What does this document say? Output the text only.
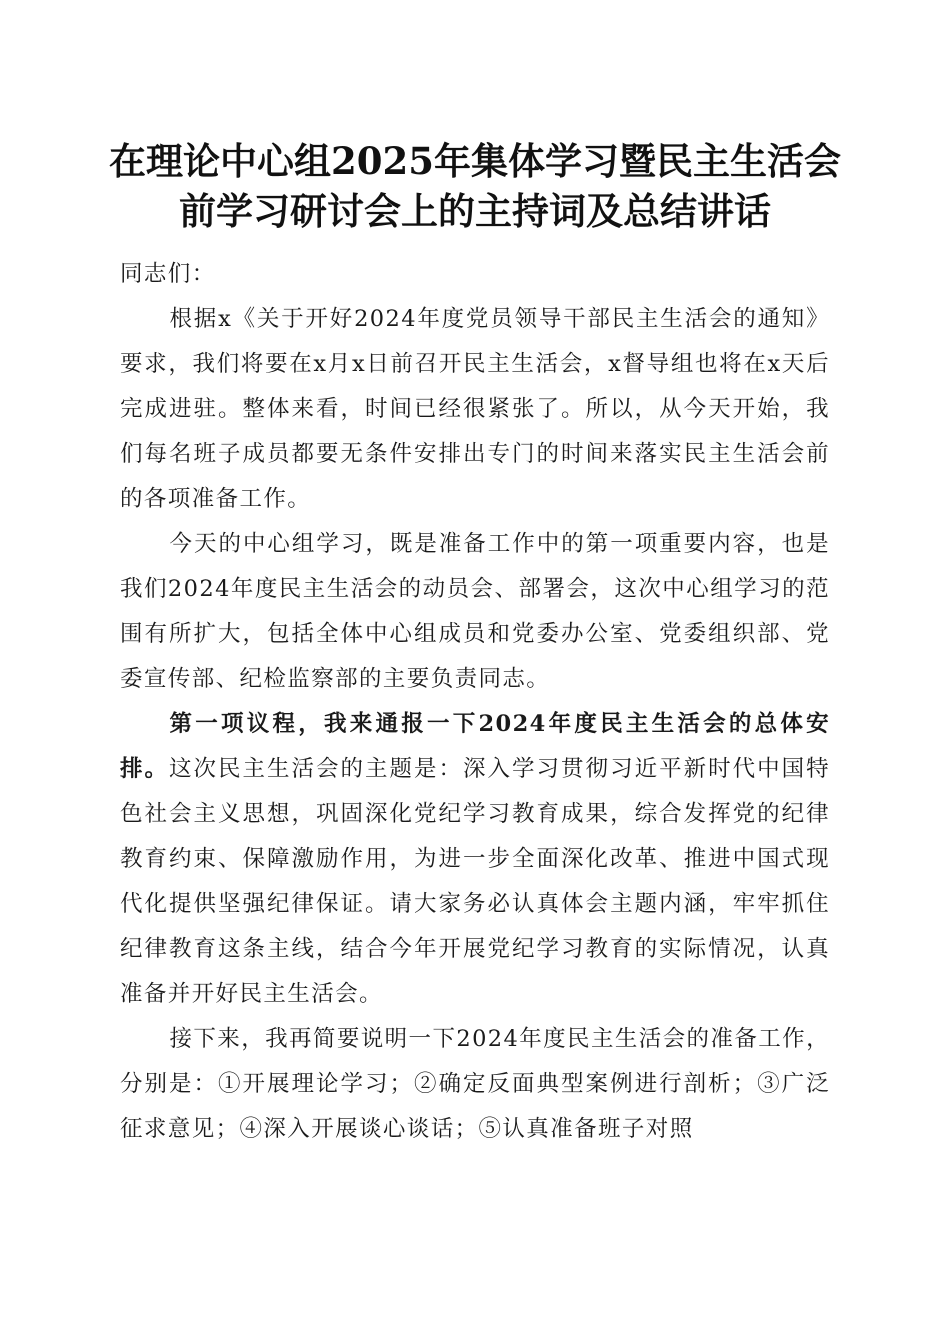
在理论中心组2025年集体学习暨民主生活会
前学习研讨会上的主持词及总结讲话

同志们：

根据x《关于开好2024年度党员领导干部民主生活会的通知》要求，我们将要在x月x日前召开民主生活会，x督导组也将在x天后完成进驻。整体来看，时间已经很紧张了。所以，从今天开始，我们每名班子成员都要无条件安排出专门的时间来落实民主生活会前的各项准备工作。

今天的中心组学习，既是准备工作中的第一项重要内容，也是我们2024年度民主生活会的动员会、部署会，这次中心组学习的范围有所扩大，包括全体中心组成员和党委办公室、党委组织部、党委宣传部、纪检监察部的主要负责同志。

第一项议程，我来通报一下2024年度民主生活会的总体安排。这次民主生活会的主题是：深入学习贯彻习近平新时代中国特色社会主义思想，巩固深化党纪学习教育成果，综合发挥党的纪律教育约束、保障激励作用，为进一步全面深化改革、推进中国式现代化提供坚强纪律保证。请大家务必认真体会主题内涵，牢牢抓住纪律教育这条主线，结合今年开展党纪学习教育的实际情况，认真准备并开好民主生活会。

接下来，我再简要说明一下2024年度民主生活会的准备工作，分别是：①开展理论学习；②确定反面典型案例进行剖析；③广泛征求意见；④深入开展谈心谈话；⑤认真准备班子对照
